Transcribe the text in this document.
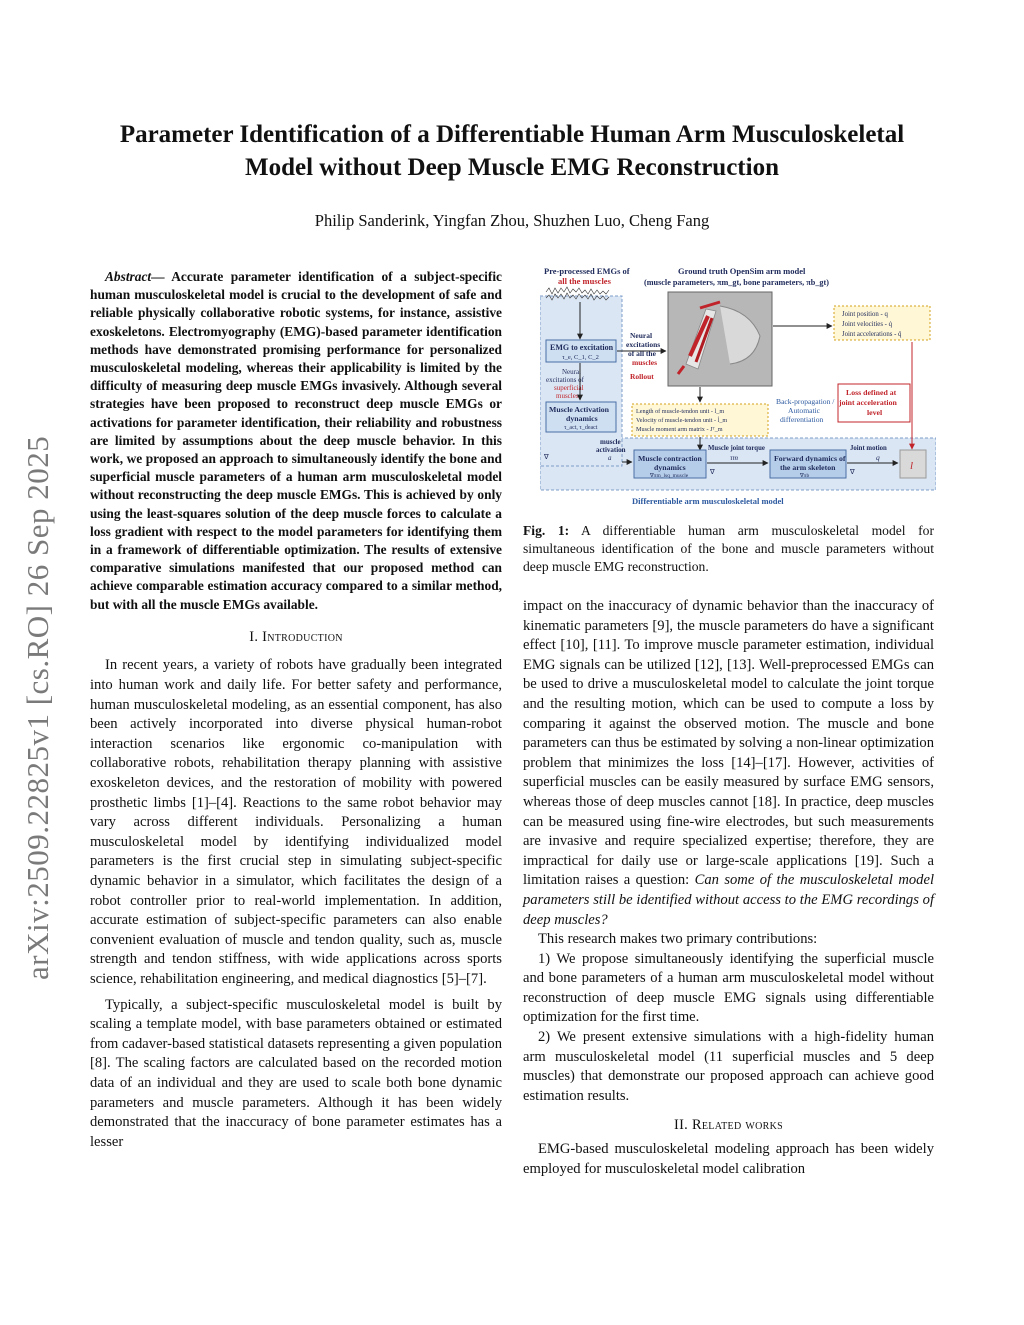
arXiv:2509.22825v1 [cs.RO] 26 Sep 2025
Parameter Identification of a Differentiable Human Arm Musculoskeletal
Model without Deep Muscle EMG Reconstruction
Philip Sanderink, Yingfan Zhou, Shuzhen Luo, Cheng Fang

Abstract— Accurate parameter identification of a subject-specific human musculoskeletal model is crucial to the development of safe and reliable physically collaborative robotic systems, for instance, assistive exoskeletons. Electromyography (EMG)-based parameter identification methods have demonstrated promising performance for personalized musculoskeletal modeling, whereas their applicability is limited by the difficulty of measuring deep muscle EMGs invasively. Although several strategies have been proposed to reconstruct deep muscle EMGs or activations for parameter identification, their reliability and robustness are limited by assumptions about the deep muscle behavior. In this work, we proposed an approach to simultaneously identify the bone and superficial muscle parameters of a human arm musculoskeletal model without reconstructing the deep muscle EMGs. This is achieved by only using the least-squares solution of the deep muscle forces to calculate a loss gradient with respect to the model parameters for identifying them in a framework of differentiable optimization. The results of extensive comparative simulations manifested that our proposed method can achieve comparable estimation accuracy compared to a similar method, but with all the muscle EMGs available.

I. Introduction

In recent years, a variety of robots have gradually been integrated into human work and daily life. For better safety and performance, human musculoskeletal modeling, as an essential component, has also been actively incorporated into diverse physical human-robot interaction scenarios like ergonomic co-manipulation with collaborative robots, rehabilitation therapy planning with assistive exoskeleton devices, and the restoration of mobility with powered prosthetic limbs [1]–[4]. Reactions to the same robot behavior may vary across different individuals. Personalizing a human musculoskeletal model by identifying individualized model parameters is the first crucial step in simulating subject-specific dynamic behavior in a simulator, which facilitates the design of a robot controller prior to real-world implementation. In addition, accurate estimation of subject-specific parameters can also enable convenient evaluation of muscle and tendon quality, such as, muscle strength and tendon stiffness, with wide applications across sports science, rehabilitation engineering, and medical diagnostics [5]–[7].

Typically, a subject-specific musculoskeletal model is built by scaling a template model, with base parameters obtained or estimated from cadaver-based statistical datasets representing a given population [8]. The scaling factors are calculated based on the recorded motion data of an individual and they are used to scale both bone dynamic parameters and muscle parameters. Although it has been widely demonstrated that the inaccuracy of bone parameter estimates has a lesser

Pre-processed EMGs of
all the muscles
Ground truth OpenSim arm model
(muscle parameters, πm_gt, bone parameters, πb_gt)
EMG to excitation
τ_e, C_1, C_2
Neural
excitations
of all the
muscles
Rollout
Neural
excitations of
superficial
muscles
Muscle Activation
dynamics
τ_act, τ_deact
Joint position - q
Joint velocities - q̇
Joint accelerations - q̈
Loss defined at
joint acceleration
level
Back-propagation /
Automatic
differentiation
Length of muscle-tendon unit - l_m
Velocity of muscle-tendon unit - l̇_m
Muscle moment arm matrix - Jᵀ_m
muscle
activation
a
∇	Muscle contraction
dynamics
∇πm_lsq_muscle
Muscle joint torque
τm
∇
Forward dynamics of
the arm skeleton
∇πb
Joint motion
q
∇	l
Differentiable arm musculoskeletal model
Fig. 1: A differentiable human arm musculoskeletal model for simultaneous identification of the bone and muscle parameters without deep muscle EMG reconstruction.

impact on the inaccuracy of dynamic behavior than the inaccuracy of kinematic parameters [9], the muscle parameters do have a significant effect [10], [11]. To improve muscle parameter estimation, individual EMG signals can be utilized [12], [13]. Well-preprocessed EMGs can be used to drive a musculoskeletal model to calculate the joint torque and the resulting motion, which can be used to compute a loss by comparing it against the observed motion. The muscle and bone parameters can thus be estimated by solving a non-linear optimization problem that minimizes the loss [14]–[17]. However, activities of superficial muscles can be easily measured by surface EMG sensors, whereas those of deep muscles cannot [18]. In practice, deep muscles can be measured using fine-wire electrodes, but such measurements are invasive and require specialized expertise; therefore, they are impractical for daily use or large-scale applications [19]. Such a limitation raises a question: Can some of the musculoskeletal model parameters still be identified without access to the EMG recordings of deep muscles?

This research makes two primary contributions:

1) We propose simultaneously identifying the superficial muscle and bone parameters of a human arm musculoskeletal model without reconstruction of deep muscle EMG signals using differentiable optimization for the first time.

2) We present extensive simulations with a high-fidelity human arm musculoskeletal model (11 superficial muscles and 5 deep muscles) that demonstrate our proposed approach can achieve good estimation results.

II. Related works

EMG-based musculoskeletal modeling approach has been widely employed for musculoskeletal model calibration
